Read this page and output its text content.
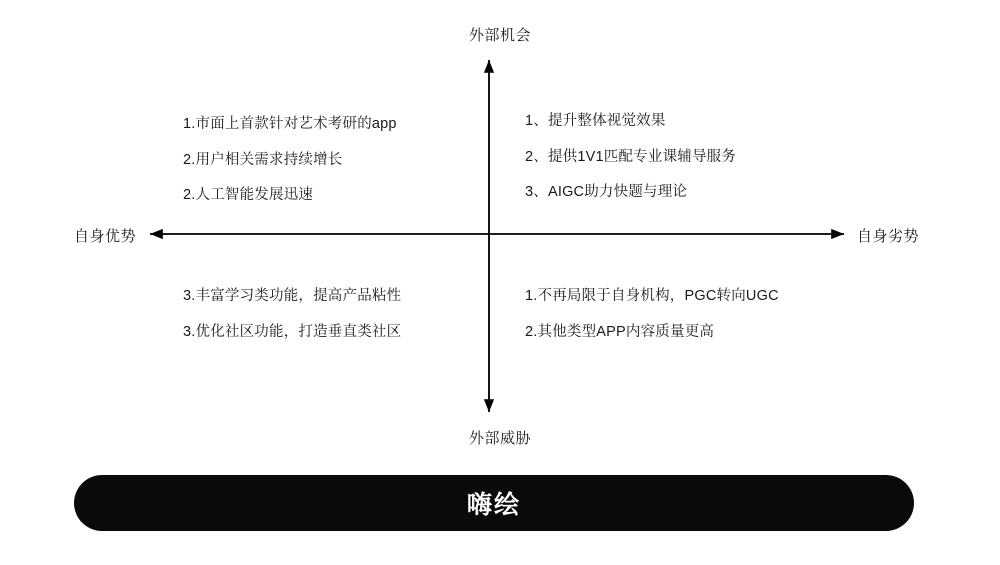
外部机会
外部威胁
自身优势	自身劣势
1.市面上首款针对艺术考研的app
2.用户相关需求持续增长
2.人工智能发展迅速
1、提升整体视觉效果
2、提供1V1匹配专业课辅导服务
3、AIGC助力快题与理论
3.丰富学习类功能，提高产品粘性
3.优化社区功能，打造垂直类社区
1.不再局限于自身机构，PGC转向UGC
2.其他类型APP内容质量更高
嗨绘
